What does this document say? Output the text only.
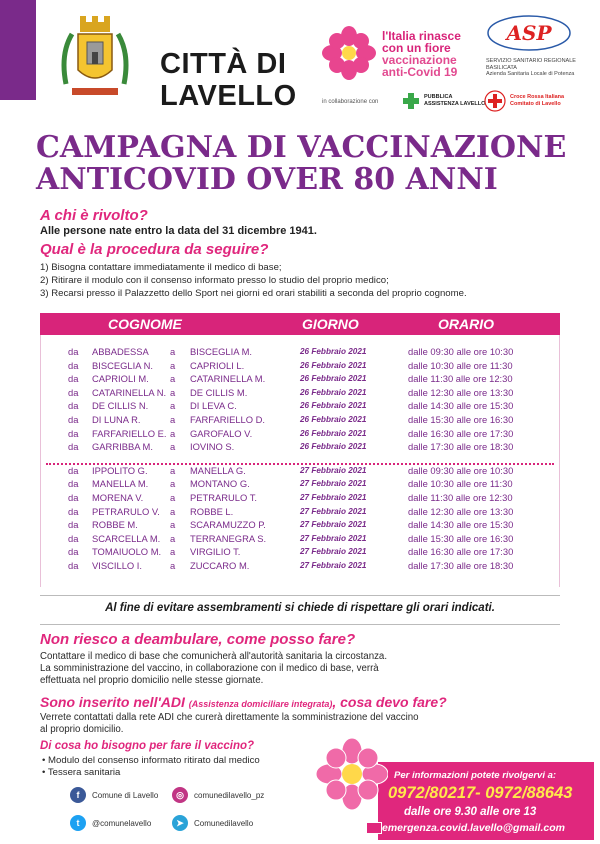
CITTÀ DI
LAVELLO
l'Italia rinasce
con un fiore
vaccinazione
anti-Covid 19
ASP
SERVIZIO SANITARIO REGIONALE
BASILICATA
Azienda Sanitaria Locale di Potenza
in collaborazione con
PUBBLICA
ASSISTENZA LAVELLO
Croce Rossa Italiana
Comitato di Lavello
CAMPAGNA DI VACCINAZIONE
ANTICOVID OVER 80 ANNI
A chi è rivolto?
Alle persone nate entro la data del 31 dicembre 1941.
Qual è la procedura da seguire?
1) Bisogna contattare immediatamente il medico di base;
2) Ritirare il modulo con il consenso informato presso lo studio del proprio medico;
3) Recarsi presso il Palazzetto dello Sport nei giorni ed orari stabiliti a seconda del proprio cognome.
COGNOME	GIORNO	ORARIO
da ABBADESSA a BISCEGLIA M.	26 Febbraio 2021	dalle 09:30 alle ore 10:30
da BISCEGLIA N. a CAPRIOLI L.	26 Febbraio 2021	dalle 10:30 alle ore 11:30
da CAPRIOLI M. a CATARINELLA M.	26 Febbraio 2021	dalle 11:30 alle ore 12:30
da CATARINELLA N. a DE CILLIS M.	26 Febbraio 2021	dalle 12:30 alle ore 13:30
da DE CILLIS N. a DI LEVA C.	26 Febbraio 2021	dalle 14:30 alle ore 15:30
da DI LUNA R.	a FARFARIELLO D.	26 Febbraio 2021	dalle 15:30 alle ore 16:30
da FARFARIELLO E. a GAROFALO V.	26 Febbraio 2021	dalle 16:30 alle ore 17:30
da GARRIBBA M. a IOVINO S.	26 Febbraio 2021	dalle 17:30 alle ore 18:30
da IPPOLITO G. a MANELLA G.	27 Febbraio 2021	dalle 09:30 alle ore 10:30
da MANELLA M. a MONTANO G.	27 Febbraio 2021	dalle 10:30 alle ore 11:30
da MORENA V.	a PETRARULO T.	27 Febbraio 2021	dalle 11:30 alle ore 12:30
da PETRARULO V. a ROBBE L.	27 Febbraio 2021	dalle 12:30 alle ore 13:30
da ROBBE M.	a SCARAMUZZO P.	27 Febbraio 2021	dalle 14:30 alle ore 15:30
da SCARCELLA M. a TERRANEGRA S.	27 Febbraio 2021	dalle 15:30 alle ore 16:30
da TOMAIUOLO M. a VIRGILIO T.	27 Febbraio 2021	dalle 16:30 alle ore 17:30
da VISCILLO I.	a ZUCCARO M.	27 Febbraio 2021	dalle 17:30 alle ore 18:30
Al fine di evitare assembramenti si chiede di rispettare gli orari indicati.
Non riesco a deambulare, come posso fare?
Contattare il medico di base che comunicherà all'autorità sanitaria la circostanza.
La somministrazione del vaccino, in collaborazione con il medico di base, verrà
effettuata nel proprio domicilio nelle stesse giornate.
Sono inserito nell'ADI (Assistenza domiciliare integrata), cosa devo fare?
Verrete contattati dalla rete ADI che curerà direttamente la somministrazione del vaccino
al proprio domicilio.
Di cosa ho bisogno per fare il vaccino?
• Modulo del consenso informato ritirato dal medico
• Tessera sanitaria
f	Comune di Lavello	◎	comunedilavello_pz
t	@comunelavello	➤	Comunedilavello
Per informazioni potete rivolgervi a:
0972/80217- 0972/88643
dalle ore 9.30 alle ore 13
emergenza.covid.lavello@gmail.com
